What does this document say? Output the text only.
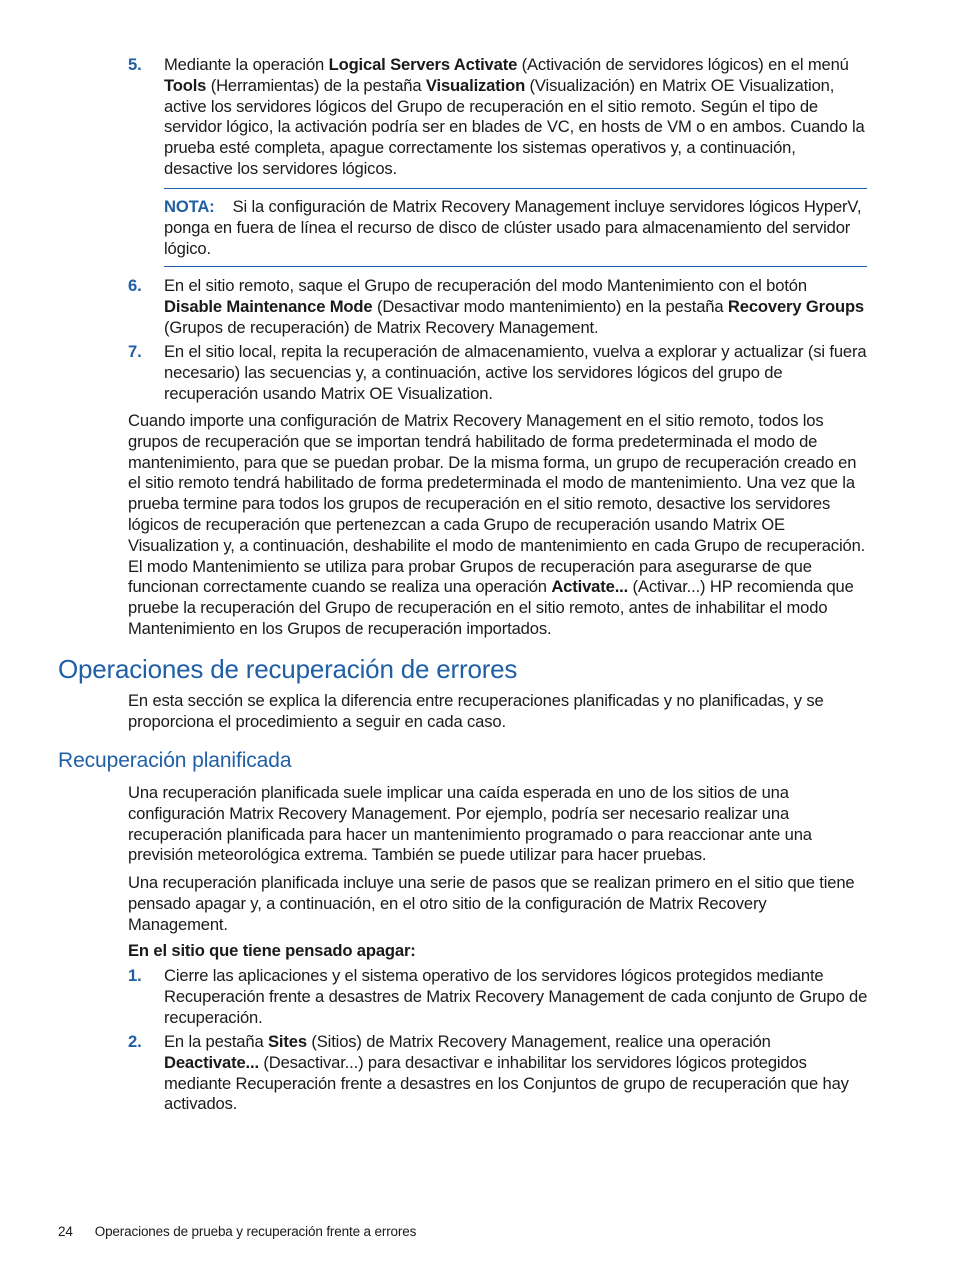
5. Mediante la operación Logical Servers Activate (Activación de servidores lógicos) en el menú Tools (Herramientas) de la pestaña Visualization (Visualización) en Matrix OE Visualization, active los servidores lógicos del Grupo de recuperación en el sitio remoto. Según el tipo de servidor lógico, la activación podría ser en blades de VC, en hosts de VM o en ambos. Cuando la prueba esté completa, apague correctamente los sistemas operativos y, a continuación, desactive los servidores lógicos.
NOTA: Si la configuración de Matrix Recovery Management incluye servidores lógicos HyperV, ponga en fuera de línea el recurso de disco de clúster usado para almacenamiento del servidor lógico.
6. En el sitio remoto, saque el Grupo de recuperación del modo Mantenimiento con el botón Disable Maintenance Mode (Desactivar modo mantenimiento) en la pestaña Recovery Groups (Grupos de recuperación) de Matrix Recovery Management.
7. En el sitio local, repita la recuperación de almacenamiento, vuelva a explorar y actualizar (si fuera necesario) las secuencias y, a continuación, active los servidores lógicos del grupo de recuperación usando Matrix OE Visualization.
Cuando importe una configuración de Matrix Recovery Management en el sitio remoto, todos los grupos de recuperación que se importan tendrá habilitado de forma predeterminada el modo de mantenimiento, para que se puedan probar. De la misma forma, un grupo de recuperación creado en el sitio remoto tendrá habilitado de forma predeterminada el modo de mantenimiento. Una vez que la prueba termine para todos los grupos de recuperación en el sitio remoto, desactive los servidores lógicos de recuperación que pertenezcan a cada Grupo de recuperación usando Matrix OE Visualization y, a continuación, deshabilite el modo de mantenimiento en cada Grupo de recuperación. El modo Mantenimiento se utiliza para probar Grupos de recuperación para asegurarse de que funcionan correctamente cuando se realiza una operación Activate... (Activar...) HP recomienda que pruebe la recuperación del Grupo de recuperación en el sitio remoto, antes de inhabilitar el modo Mantenimiento en los Grupos de recuperación importados.
Operaciones de recuperación de errores
En esta sección se explica la diferencia entre recuperaciones planificadas y no planificadas, y se proporciona el procedimiento a seguir en cada caso.
Recuperación planificada
Una recuperación planificada suele implicar una caída esperada en uno de los sitios de una configuración Matrix Recovery Management. Por ejemplo, podría ser necesario realizar una recuperación planificada para hacer un mantenimiento programado o para reaccionar ante una previsión meteorológica extrema. También se puede utilizar para hacer pruebas.
Una recuperación planificada incluye una serie de pasos que se realizan primero en el sitio que tiene pensado apagar y, a continuación, en el otro sitio de la configuración de Matrix Recovery Management.
En el sitio que tiene pensado apagar:
1. Cierre las aplicaciones y el sistema operativo de los servidores lógicos protegidos mediante Recuperación frente a desastres de Matrix Recovery Management de cada conjunto de Grupo de recuperación.
2. En la pestaña Sites (Sitios) de Matrix Recovery Management, realice una operación Deactivate... (Desactivar...) para desactivar e inhabilitar los servidores lógicos protegidos mediante Recuperación frente a desastres en los Conjuntos de grupo de recuperación que hay activados.
24 Operaciones de prueba y recuperación frente a errores
